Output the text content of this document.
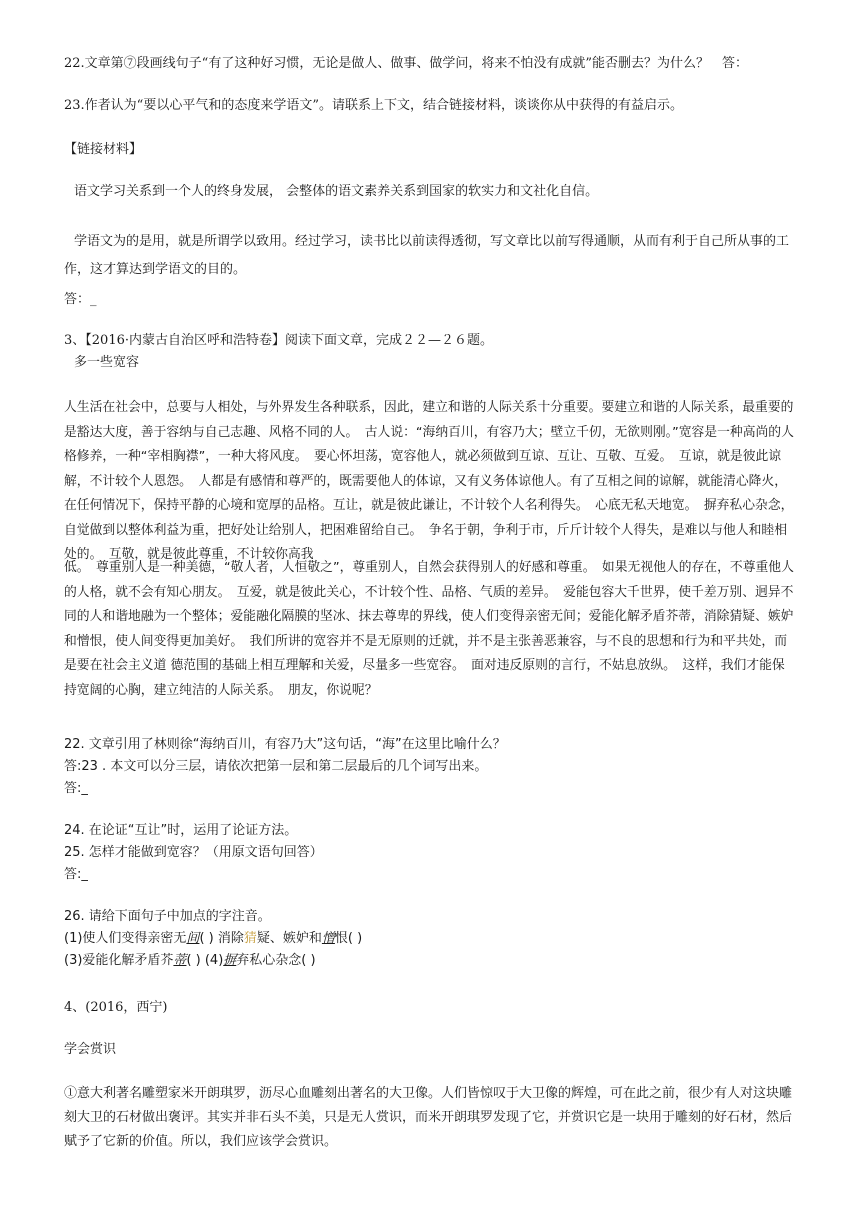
22.文章第⑦段画线句子“有了这种好习惯，无论是做人、做事、做学问，将来不怕没有成就”能否删去？为什么？　答：

23.作者认为“要以心平气和的态度来学语文”。请联系上下文，结合链接材料，谈谈你从中获得的有益启示。

【链接材料】

语文学习关系到一个人的终身发展， 会整体的语文素养关系到国家的软实力和文社化自信。

学语文为的是用，就是所谓学以致用。经过学习，读书比以前读得透彻，写文章比以前写得通顺，从而有利于自己所从事的工作，这才算达到学语文的目的。

答：_

3、【2016·内蒙古自治区呼和浩特卷】阅读下面文章，完成２２—２６题。

多一些宽容

人生活在社会中，总要与人相处，与外界发生各种联系，因此，建立和谐的人际关系十分重要。要建立和谐的人际关系，最重要的是豁达大度，善于容纳与自己志趣、风格不同的人。　古人说：“海纳百川，有容乃大；壁立千仞，无欲则刚。”宽容是一种高尚的人格修养，一种“宰相胸襟”，一种大将风度。　要心怀坦荡，宽容他人，就必须做到互谅、互让、互敬、互爱。　互谅，就是彼此谅解，不计较个人恩怨。　人都是有感情和尊严的，既需要他人的体谅，又有义务体谅他人。有了互相之间的谅解，就能清心降火，在任何情况下，保持平静的心境和宽厚的品格。互让，就是彼此谦让，不计较个人名利得失。　心底无私天地宽。　摒弃私心杂念，自觉做到以整体利益为重，把好处让给别人，把困难留给自己。　争名于朝，争利于市，斤斤计较个人得失，是难以与他人和睦相处的。　互敬，就是彼此尊重，不计较你高我

低。　尊重别人是一种美德，“敬人者，人恒敬之”，尊重别人，自然会获得别人的好感和尊重。　如果无视他人的存在，不尊重他人的人格，就不会有知心朋友。　互爱，就是彼此关心，不计较个性、品格、气质的差异。　爱能包容大千世界，使千差万别、迥异不同的人和谐地融为一个整体；爱能融化隔膜的坚冰、抹去尊卑的界线，使人们变得亲密无间；爱能化解矛盾芥蒂，消除猜疑、嫉妒和憎恨，使人间变得更加美好。　我们所讲的宽容并不是无原则的迁就，并不是主张善恶兼容，与不良的思想和行为和平共处，而是要在社会主义道 德范围的基础上相互理解和关爱，尽量多一些宽容。　面对违反原则的言行，不姑息放纵。　这样，我们才能保持宽阔的心胸，建立纯洁的人际关系。　朋友，你说呢？

22. 文章引用了林则徐“海纳百川，有容乃大”这句话，“海”在这里比喻什么？

答:23 . 本文可以分三层，请依次把第一层和第二层最后的几个词写出来。

答:_

24. 在论证“互让”时，运用了论证方法。

25. 怎样才能做到宽容？（用原文语句回答）

答:_

26. 请给下面句子中加点的字注音。

(1)使人们变得亲密无间( ) 消除猜疑、嫉妒和憎恨( )

(3)爱能化解矛盾芥蒂( ) (4)摒弃私心杂念( )

4、(2016，西宁)

学会赏识

①意大利著名雕塑家米开朗琪罗，沥尽心血雕刻出著名的大卫像。人们皆惊叹于大卫像的辉煌，可在此之前，很少有人对这块雕刻大卫的石材做出褒评。其实并非石头不美，只是无人赏识，而米开朗琪罗发现了它，并赏识它是一块用于雕刻的好石材，然后赋予了它新的价值。所以，我们应该学会赏识。
